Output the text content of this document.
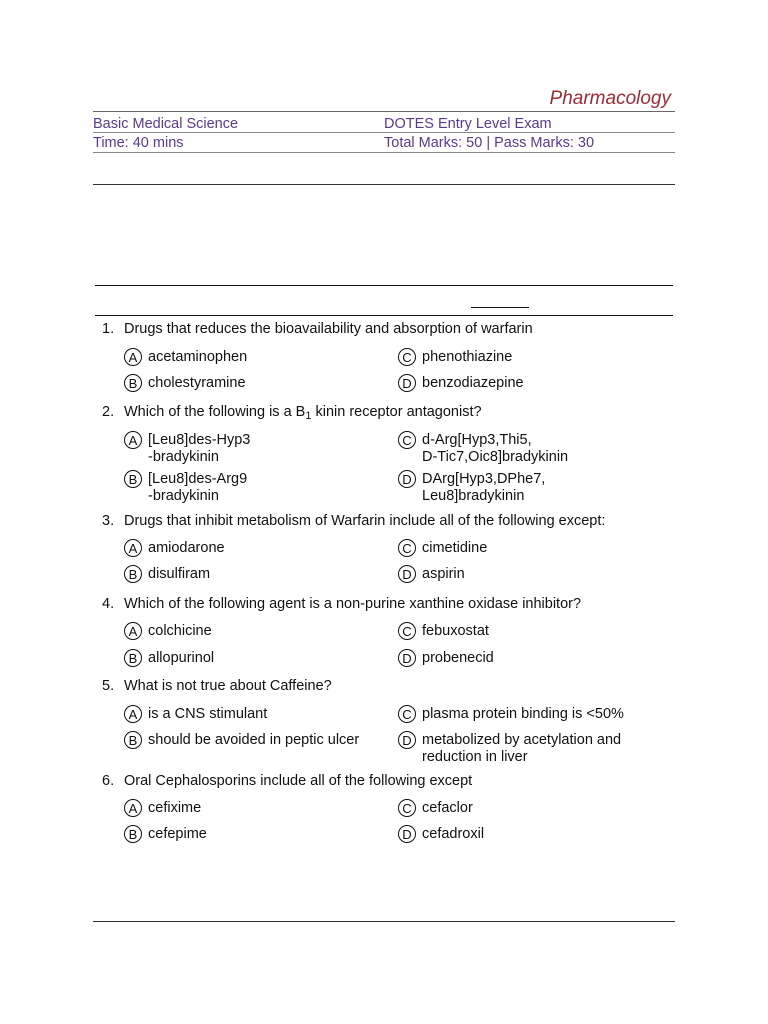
Pharmacology
Basic Medical Science	DOTES Entry Level Exam
Time: 40 mins	Total Marks: 50 | Pass Marks: 30
1. Drugs that reduces the bioavailability and absorption of warfarin
A acetaminophen
B cholestyramine
C phenothiazine
D benzodiazepine
2. Which of the following is a $B_1$ kinin receptor antagonist?
A [Leu8]des-Hyp3
-bradykinin
B [Leu8]des-Arg9
-bradykinin
C d-Arg[Hyp3,Thi5,
D-Tic7,Oic8]bradykinin
D DArg[Hyp3,DPhe7,
Leu8]bradykinin
3. Drugs that inhibit metabolism of Warfarin include all of the following except:
A amiodarone
B disulfiram
C cimetidine
D aspirin
4. Which of the following agent is a non-purine xanthine oxidase inhibitor?
A colchicine
B allopurinol
C febuxostat
D probenecid
5. What is not true about Caffeine?
A is a CNS stimulant
B should be avoided in peptic ulcer
C plasma protein binding is <50%
D metabolized by acetylation and
reduction in liver
6. Oral Cephalosporins include all of the following except
A cefixime
B cefepime
C cefaclor
D cefadroxil
